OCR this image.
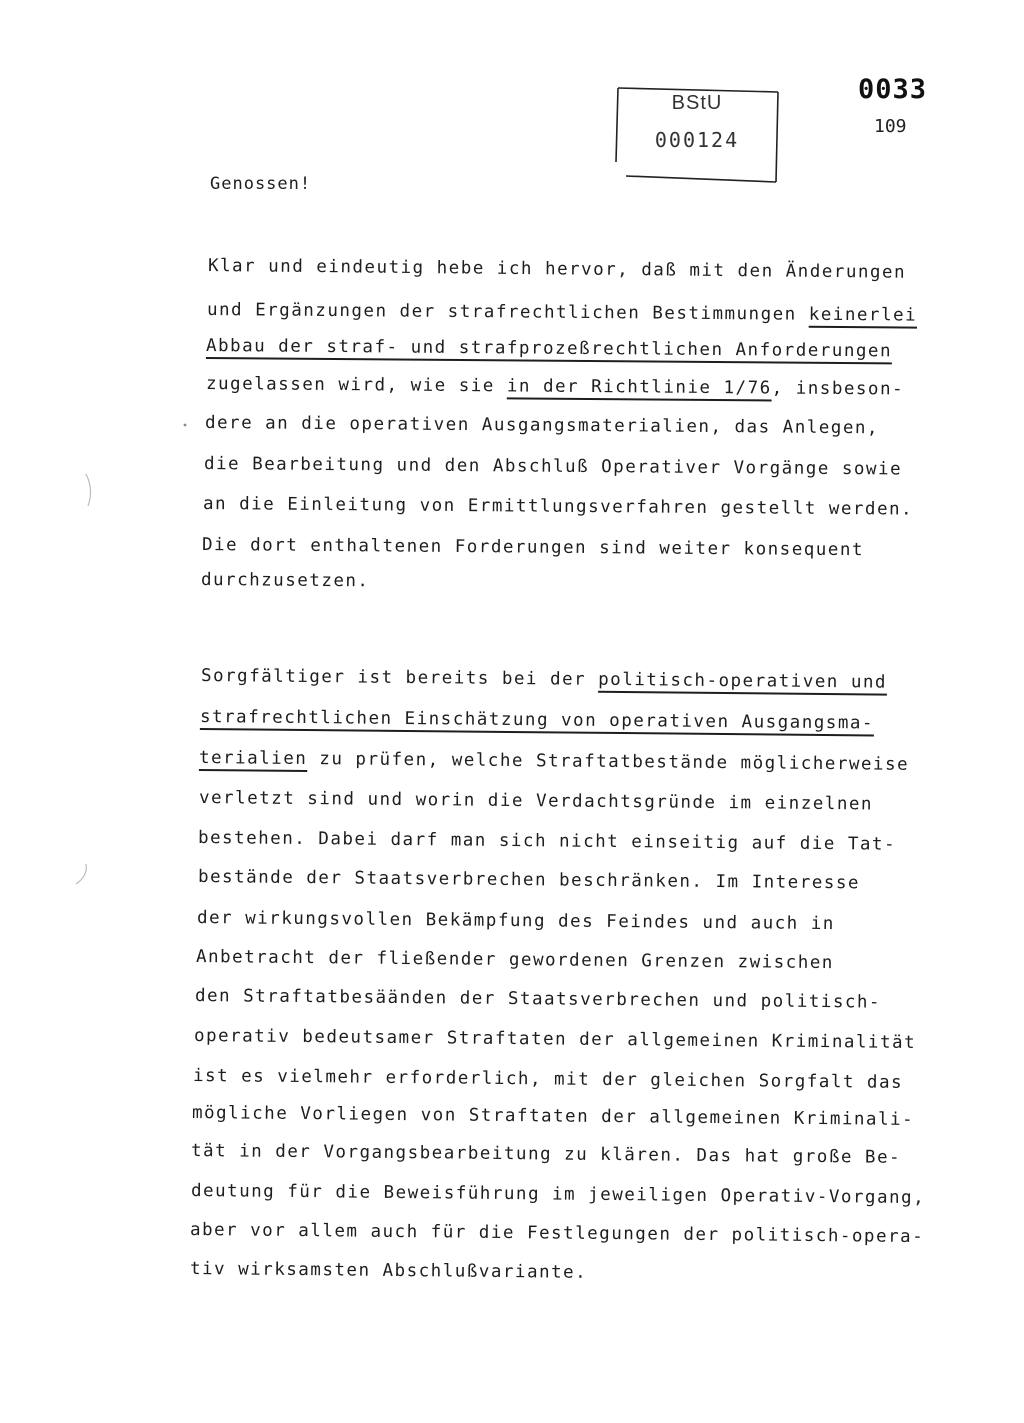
BStU
000124
0033
109
Genossen!
Klar und eindeutig hebe ich hervor, daß mit den Änderungen
und Ergänzungen der strafrechtlichen Bestimmungen keinerlei
Abbau der straf- und strafprozeßrechtlichen Anforderungen
zugelassen wird, wie sie in der Richtlinie 1/76, insbeson-
dere an die operativen Ausgangsmaterialien, das Anlegen,
die Bearbeitung und den Abschluß Operativer Vorgänge sowie
an die Einleitung von Ermittlungsverfahren gestellt werden.
Die dort enthaltenen Forderungen sind weiter konsequent
durchzusetzen.
Sorgfältiger ist bereits bei der politisch-operativen und
strafrechtlichen Einschätzung von operativen Ausgangsma-
terialien zu prüfen, welche Straftatbestände möglicherweise
verletzt sind und worin die Verdachtsgründe im einzelnen
bestehen. Dabei darf man sich nicht einseitig auf die Tat-
bestände der Staatsverbrechen beschränken. Im Interesse
der wirkungsvollen Bekämpfung des Feindes und auch in
Anbetracht der fließender gewordenen Grenzen zwischen
den Straftatbesäänden der Staatsverbrechen und politisch-
operativ bedeutsamer Straftaten der allgemeinen Kriminalität
ist es vielmehr erforderlich, mit der gleichen Sorgfalt das
mögliche Vorliegen von Straftaten der allgemeinen Kriminali-
tät in der Vorgangsbearbeitung zu klären. Das hat große Be-
deutung für die Beweisführung im jeweiligen Operativ-Vorgang,
aber vor allem auch für die Festlegungen der politisch-opera-
tiv wirksamsten Abschlußvariante.
